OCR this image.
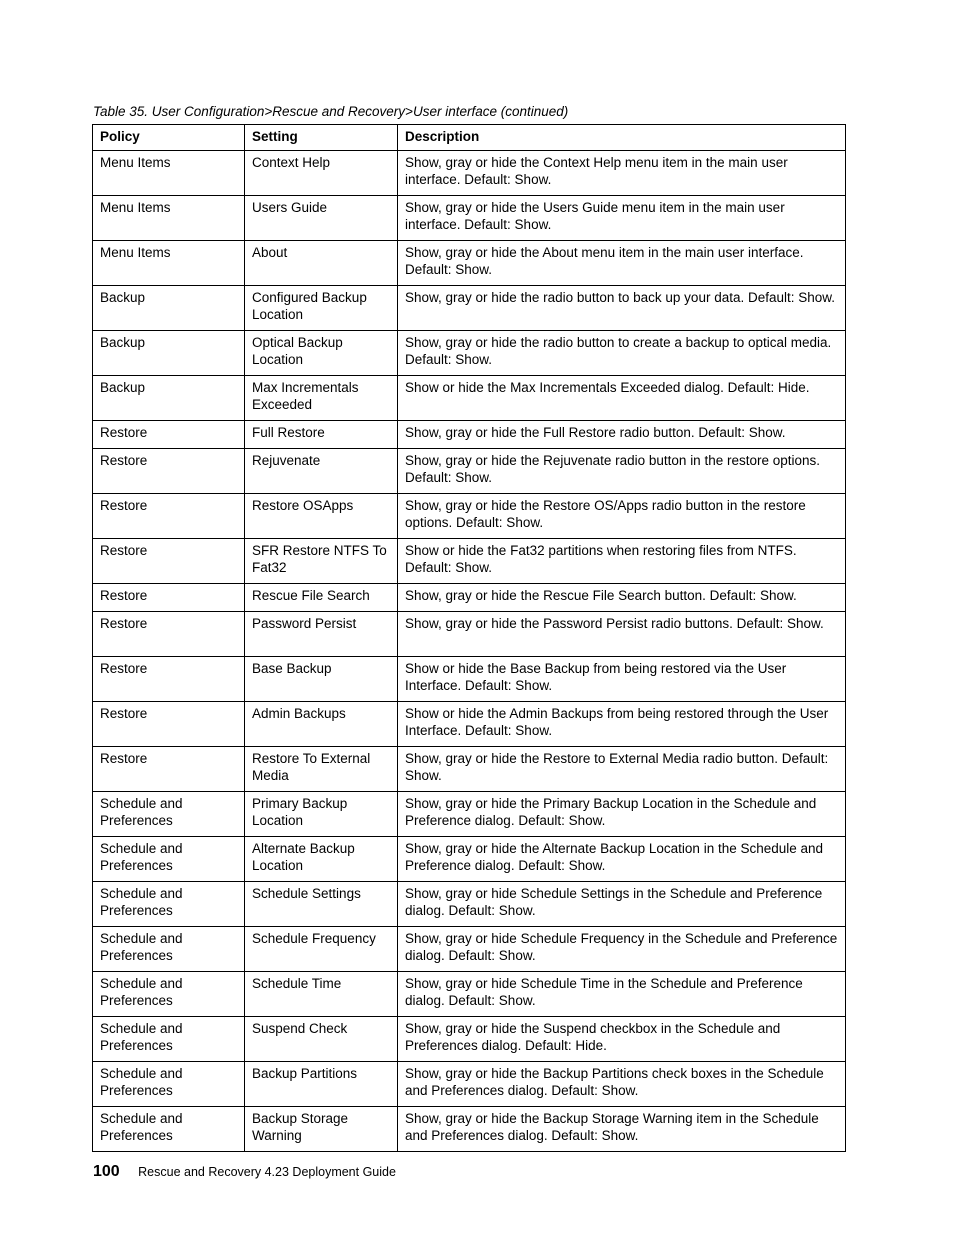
Table 35. User Configuration>Rescue and Recovery>User interface (continued)
Policy	Setting	Description
Menu Items	Context Help	Show, gray or hide the Context Help menu item in the main user interface. Default: Show.
Menu Items	Users Guide	Show, gray or hide the Users Guide menu item in the main user interface. Default: Show.
Menu Items	About	Show, gray or hide the About menu item in the main user interface. Default: Show.
Backup	Configured Backup Location	Show, gray or hide the radio button to back up your data. Default: Show.
Backup	Optical Backup Location	Show, gray or hide the radio button to create a backup to optical media. Default: Show.
Backup	Max Incrementals Exceeded	Show or hide the Max Incrementals Exceeded dialog. Default: Hide.
Restore	Full Restore	Show, gray or hide the Full Restore radio button. Default: Show.
Restore	Rejuvenate	Show, gray or hide the Rejuvenate radio button in the restore options. Default: Show.
Restore	Restore OSApps	Show, gray or hide the Restore OS/Apps radio button in the restore options. Default: Show.
Restore	SFR Restore NTFS To Fat32	Show or hide the Fat32 partitions when restoring files from NTFS. Default: Show.
Restore	Rescue File Search	Show, gray or hide the Rescue File Search button. Default: Show.
Restore	Password Persist	Show, gray or hide the Password Persist radio buttons. Default: Show.
Restore	Base Backup	Show or hide the Base Backup from being restored via the User Interface. Default: Show.
Restore	Admin Backups	Show or hide the Admin Backups from being restored through the User Interface. Default: Show.
Restore	Restore To External Media	Show, gray or hide the Restore to External Media radio button. Default: Show.
Schedule and Preferences	Primary Backup Location	Show, gray or hide the Primary Backup Location in the Schedule and Preference dialog. Default: Show.
Schedule and Preferences	Alternate Backup Location	Show, gray or hide the Alternate Backup Location in the Schedule and Preference dialog. Default: Show.
Schedule and Preferences	Schedule Settings	Show, gray or hide Schedule Settings in the Schedule and Preference dialog. Default: Show.
Schedule and Preferences	Schedule Frequency	Show, gray or hide Schedule Frequency in the Schedule and Preference dialog. Default: Show.
Schedule and Preferences	Schedule Time	Show, gray or hide Schedule Time in the Schedule and Preference dialog. Default: Show.
Schedule and Preferences	Suspend Check	Show, gray or hide the Suspend checkbox in the Schedule and Preferences dialog. Default: Hide.
Schedule and Preferences	Backup Partitions	Show, gray or hide the Backup Partitions check boxes in the Schedule and Preferences dialog. Default: Show.
Schedule and Preferences	Backup Storage Warning	Show, gray or hide the Backup Storage Warning item in the Schedule and Preferences dialog. Default: Show.
100 Rescue and Recovery 4.23 Deployment Guide
